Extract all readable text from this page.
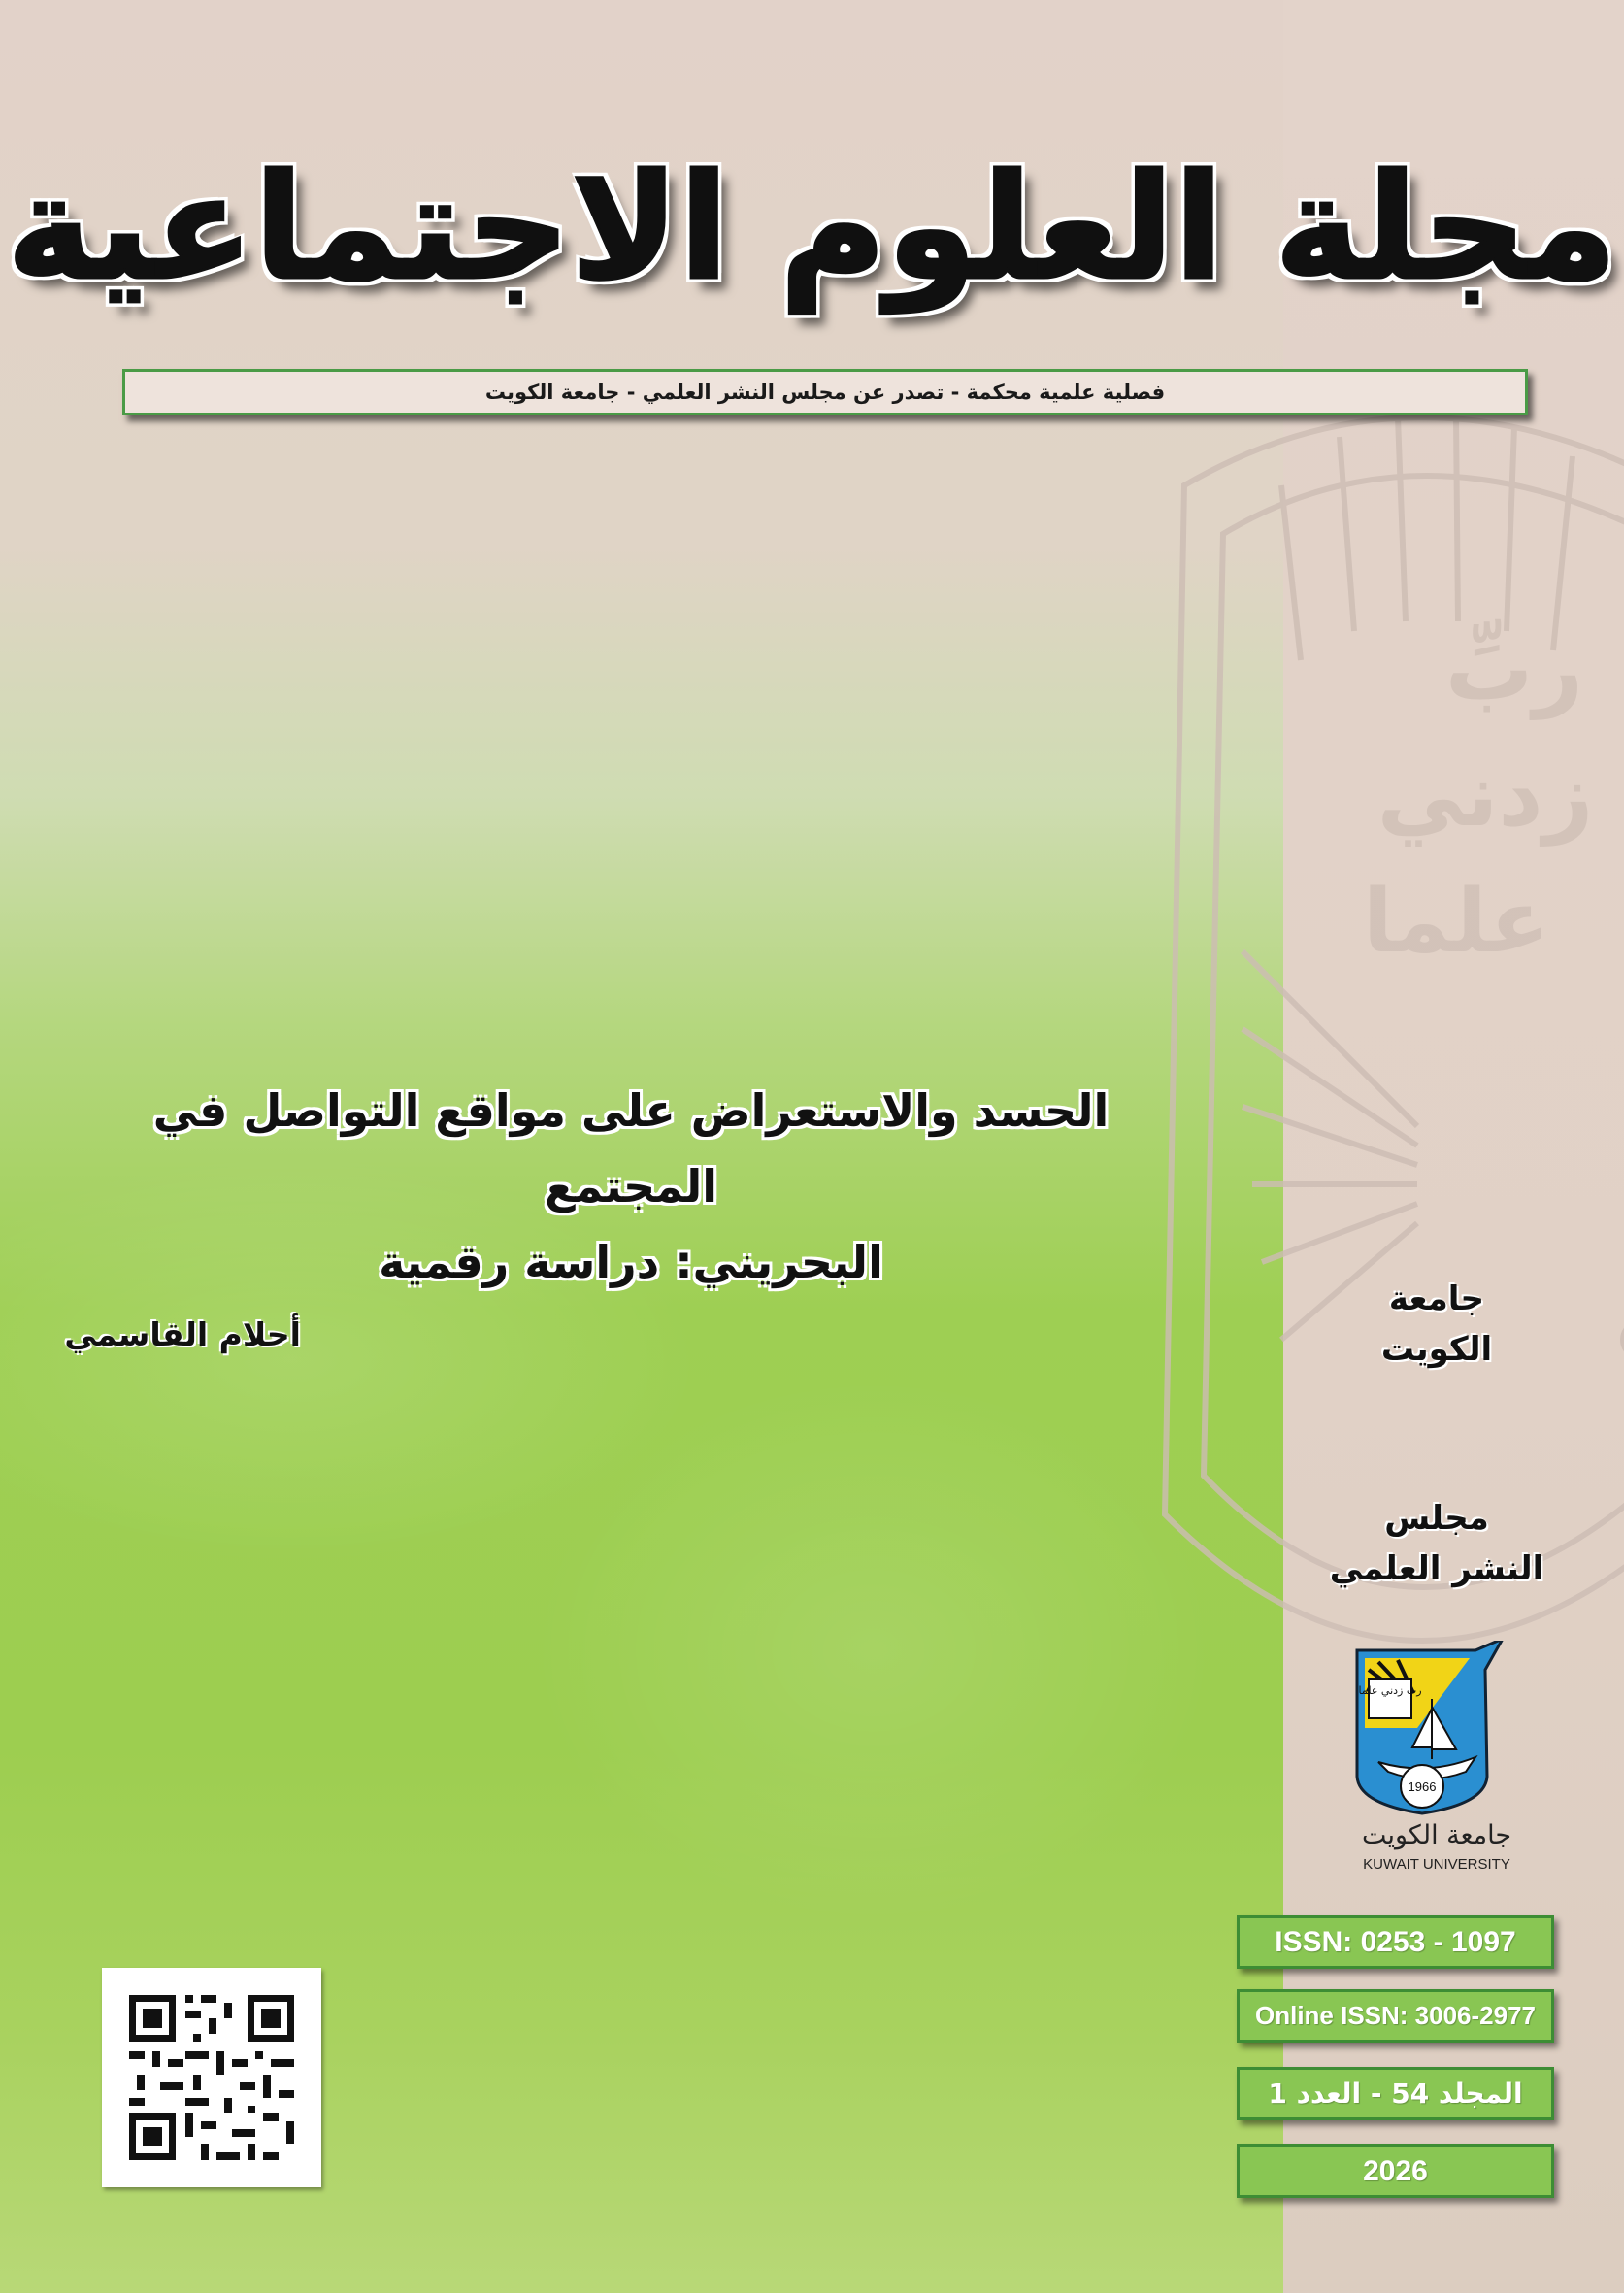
ربِّ
زدني
علما
مجلة العلوم الاجتماعية
فصلية علمية محكمة - تصدر عن مجلس النشر العلمي - جامعة الكويت
الحسد والاستعراض على مواقع التواصل في المجتمع
البحريني: دراسة رقمية
أحلام القاسمي
جامعة
الكويت
مجلس
النشر العلمي
رب زدني علما
1966
جامعة الكويت
KUWAIT UNIVERSITY
ISSN: 0253 - 1097
Online ISSN: 3006-2977
المجلد 54 - العدد 1
2026
